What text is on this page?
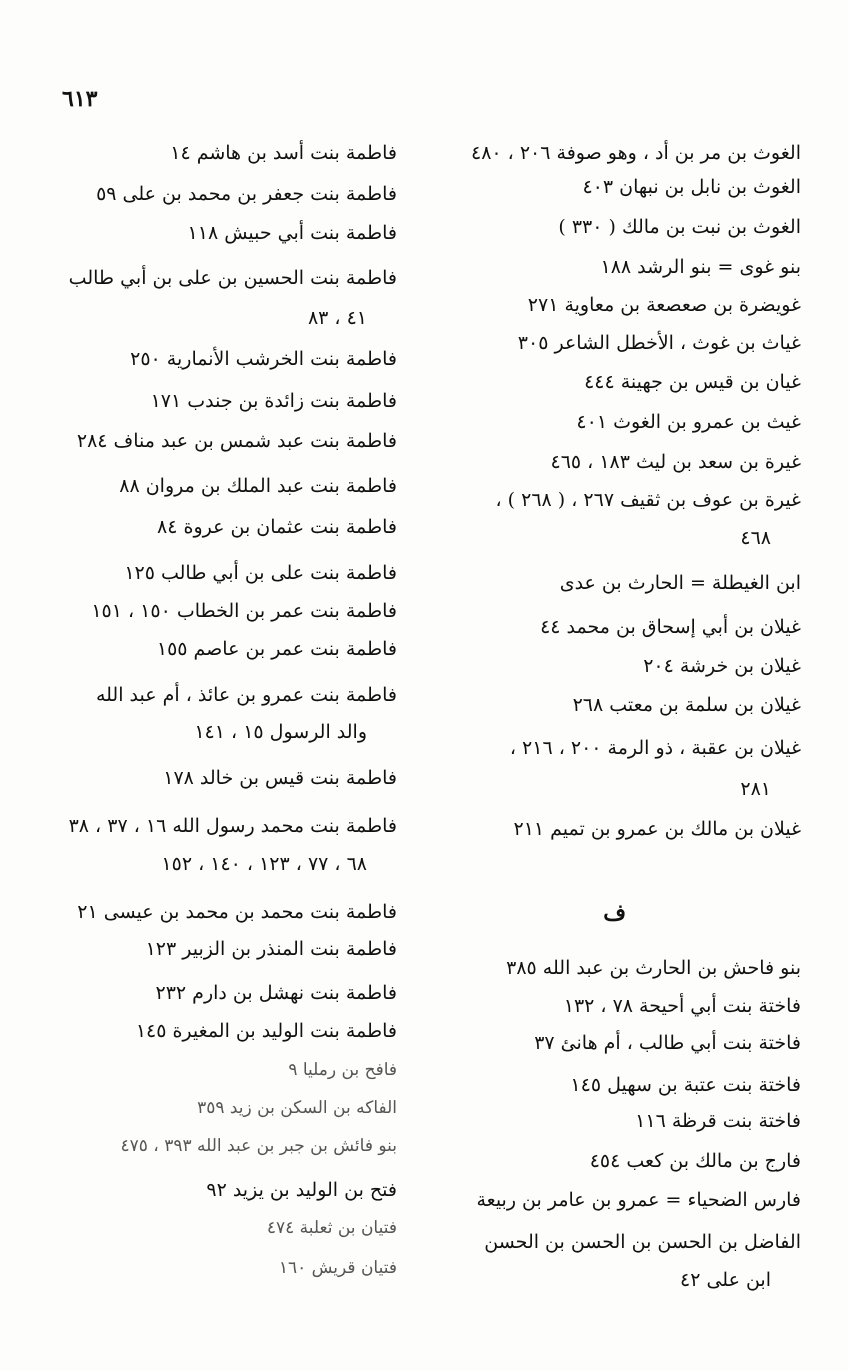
٦١٣
الغوث بن مر بن أد ، وهو صوفة ٢٠٦ ، ٤٨٠
الغوث بن نابل بن نبهان ٤٠٣
الغوث بن نبت بن مالك ( ٣٣٠ )
بنو غوى = بنو الرشد ١٨٨
غويضرة بن صعصعة بن معاوية ٢٧١
غياث بن غوث ، الأخطل الشاعر ٣٠٥
غيان بن قيس بن جهينة ٤٤٤
غيث بن عمرو بن الغوث ٤٠١
غيرة بن سعد بن ليث ١٨٣ ، ٤٦٥
غيرة بن عوف بن ثقيف ٢٦٧ ، ( ٢٦٨ ) ،
٤٦٨
ابن الغيطلة = الحارث بن عدى
غيلان بن أبي إسحاق بن محمد ٤٤
غيلان بن خرشة ٢٠٤
غيلان بن سلمة بن معتب ٢٦٨
غيلان بن عقبة ، ذو الرمة ٢٠٠ ، ٢١٦ ،
٢٨١
غيلان بن مالك بن عمرو بن تميم ٢١١
ف
بنو فاحش بن الحارث بن عبد الله ٣٨٥
فاختة بنت أبي أحيحة ٧٨ ، ١٣٢
فاختة بنت أبي طالب ، أم هانئ ٣٧
فاختة بنت عتبة بن سهيل ١٤٥
فاختة بنت قرظة ١١٦
فارج بن مالك بن كعب ٤٥٤
فارس الضحياء = عمرو بن عامر بن ربيعة
الفاضل بن الحسن بن الحسن بن الحسن
ابن على ٤٢
فاطمة بنت أسد بن هاشم ١٤
فاطمة بنت جعفر بن محمد بن على ٥٩
فاطمة بنت أبي حبيش ١١٨
فاطمة بنت الحسين بن على بن أبي طالب
٤١ ، ٨٣
فاطمة بنت الخرشب الأنمارية ٢٥٠
فاطمة بنت زائدة بن جندب ١٧١
فاطمة بنت عبد شمس بن عبد مناف ٢٨٤
فاطمة بنت عبد الملك بن مروان ٨٨
فاطمة بنت عثمان بن عروة ٨٤
فاطمة بنت على بن أبي طالب ١٢٥
فاطمة بنت عمر بن الخطاب ١٥٠ ، ١٥١
فاطمة بنت عمر بن عاصم ١٥٥
فاطمة بنت عمرو بن عائذ ، أم عبد الله
والد الرسول ١٥ ، ١٤١
فاطمة بنت قيس بن خالد ١٧٨
فاطمة بنت محمد رسول الله ١٦ ، ٣٧ ، ٣٨
٦٨ ، ٧٧ ، ١٢٣ ، ١٤٠ ، ١٥٢
فاطمة بنت محمد بن محمد بن عيسى ٢١
فاطمة بنت المنذر بن الزبير ١٢٣
فاطمة بنت نهشل بن دارم ٢٣٢
فاطمة بنت الوليد بن المغيرة ١٤٥
فافح بن رمليا ٩
الفاكه بن السكن بن زيد ٣٥٩
بنو فائش بن جبر بن عبد الله ٣٩٣ ، ٤٧٥
فتح بن الوليد بن يزيد ٩٢
فتيان بن ثعلبة ٤٧٤
فتيان قريش ١٦٠
